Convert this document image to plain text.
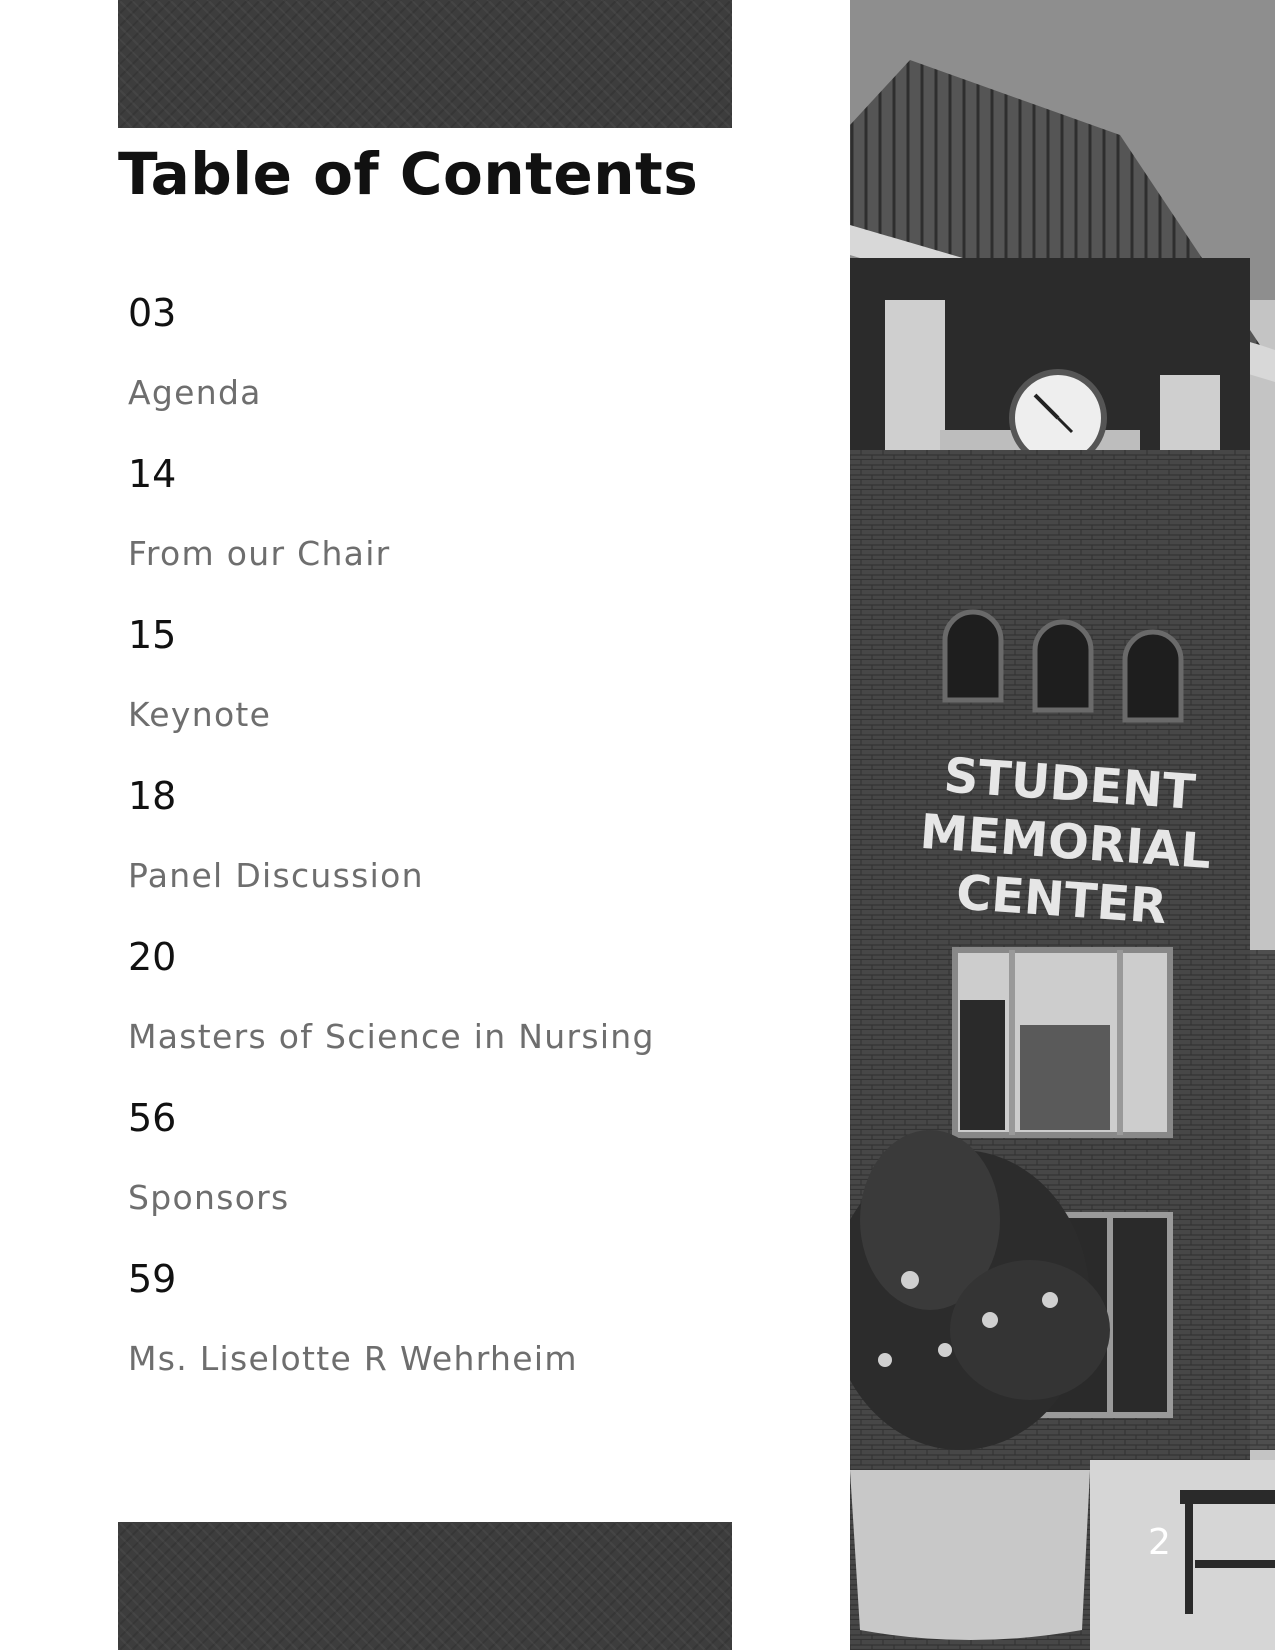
Table of Contents
03
Agenda
14
From our Chair
15
Keynote
18
Panel Discussion
20
Masters of Science in Nursing
56
Sponsors
59
Ms. Liselotte R Wehrheim
STUDENT
MEMORIAL
CENTER
2
